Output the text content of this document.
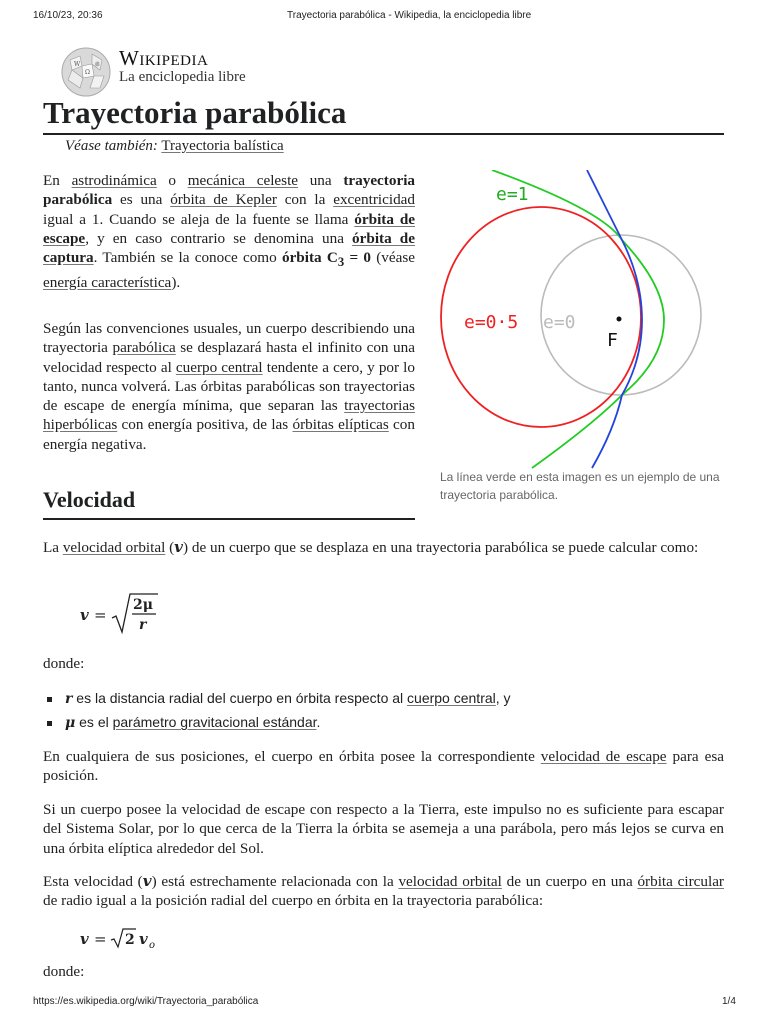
16/10/23, 20:36	Trayectoria parabólica - Wikipedia, la enciclopedia libre
W
Ω
維 Wikipedia
La enciclopedia libre
Trayectoria parabólica
Véase también: Trayectoria balística

En astrodinámica o mecánica celeste una trayectoria parabólica es una órbita de Kepler con la excentricidad igual a 1. Cuando se aleja de la fuente se llama órbita de escape, y en caso contrario se denomina una órbita de captura. También se la conoce como órbita $C_3 = 0$ (véase energía característica).

Según las convenciones usuales, un cuerpo describiendo una trayectoria parabólica se desplazará hasta el infinito con una velocidad respecto al cuerpo central tendente a cero, y por lo tanto, nunca volverá. Las órbitas parabólicas son trayectorias de escape de energía mínima, que separan las trayectorias hiperbólicas con energía positiva, de las órbitas elípticas con energía negativa.

e=1
e=0·5 e=0
F
La línea verde en esta imagen es un ejemplo de una trayectoria parabólica.
Velocidad

La velocidad orbital (v) de un cuerpo que se desplaza en una trayectoria parabólica se puede calcular como:

v =
2μ
r
donde:
r es la distancia radial del cuerpo en órbita respecto al cuerpo central, y
μ es el parámetro gravitacional estándar.

En cualquiera de sus posiciones, el cuerpo en órbita posee la correspondiente velocidad de escape para esa posición.

Si un cuerpo posee la velocidad de escape con respecto a la Tierra, este impulso no es suficiente para escapar del Sistema Solar, por lo que cerca de la Tierra la órbita se asemeja a una parábola, pero más lejos se curva en una órbita elíptica alrededor del Sol.

Esta velocidad (v) está estrechamente relacionada con la velocidad orbital de un cuerpo en una órbita circular de radio igual a la posición radial del cuerpo en órbita en la trayectoria parabólica:

v = 2 v o
donde:
https://es.wikipedia.org/wiki/Trayectoria_parabólica	1/4
